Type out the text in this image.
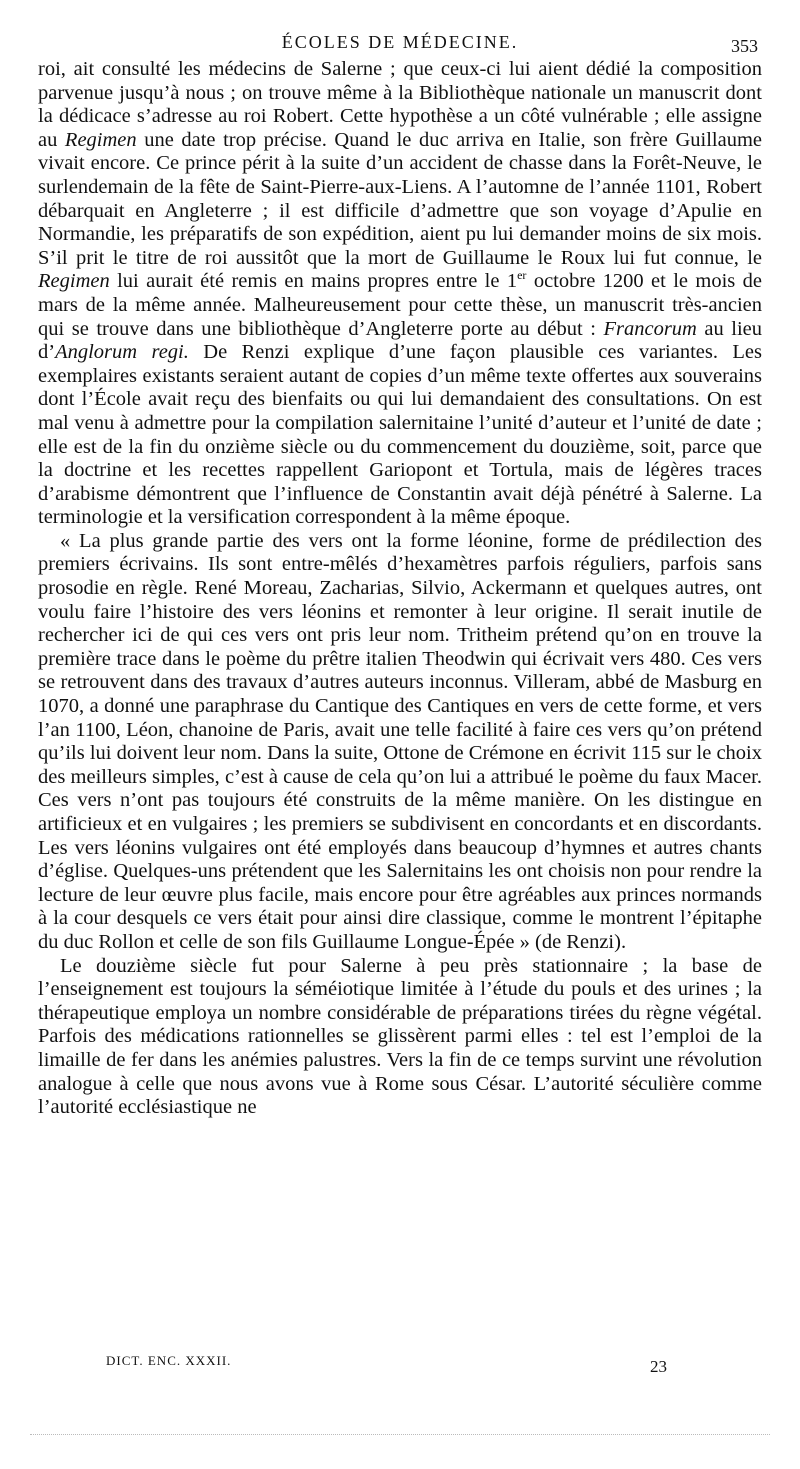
ÉCOLES DE MÉDECINE.	353

roi, ait consulté les médecins de Salerne ; que ceux-ci lui aient dédié la composition parvenue jusqu’à nous ; on trouve même à la Bibliothèque nationale un manuscrit dont la dédicace s’adresse au roi Robert. Cette hypothèse a un côté vulnérable ; elle assigne au Regimen une date trop précise. Quand le duc arriva en Italie, son frère Guillaume vivait encore. Ce prince périt à la suite d’un accident de chasse dans la Forêt-Neuve, le surlendemain de la fête de Saint-Pierre-aux-Liens. A l’automne de l’année 1101, Robert débarquait en Angleterre ; il est difficile d’admettre que son voyage d’Apulie en Normandie, les préparatifs de son expédition, aient pu lui demander moins de six mois. S’il prit le titre de roi aussitôt que la mort de Guillaume le Roux lui fut connue, le Regimen lui aurait été remis en mains propres entre le 1er octobre 1200 et le mois de mars de la même année. Malheureusement pour cette thèse, un manuscrit très-ancien qui se trouve dans une bibliothèque d’Angleterre porte au début : Francorum au lieu d’Anglorum regi. De Renzi explique d’une façon plausible ces variantes. Les exemplaires existants seraient autant de copies d’un même texte offertes aux souverains dont l’École avait reçu des bienfaits ou qui lui demandaient des consultations. On est mal venu à admettre pour la compilation salernitaine l’unité d’auteur et l’unité de date ; elle est de la fin du onzième siècle ou du commencement du douzième, soit, parce que la doctrine et les recettes rappellent Gariopont et Tortula, mais de légères traces d’arabisme démontrent que l’influence de Constantin avait déjà pénétré à Salerne. La terminologie et la versification correspondent à la même époque.

« La plus grande partie des vers ont la forme léonine, forme de prédilection des premiers écrivains. Ils sont entre-mêlés d’hexamètres parfois réguliers, parfois sans prosodie en règle. René Moreau, Zacharias, Silvio, Ackermann et quelques autres, ont voulu faire l’histoire des vers léonins et remonter à leur origine. Il serait inutile de rechercher ici de qui ces vers ont pris leur nom. Tritheim prétend qu’on en trouve la première trace dans le poème du prêtre italien Theodwin qui écrivait vers 480. Ces vers se retrouvent dans des travaux d’autres auteurs inconnus. Villeram, abbé de Masburg en 1070, a donné une paraphrase du Cantique des Cantiques en vers de cette forme, et vers l’an 1100, Léon, chanoine de Paris, avait une telle facilité à faire ces vers qu’on prétend qu’ils lui doivent leur nom. Dans la suite, Ottone de Crémone en écrivit 115 sur le choix des meilleurs simples, c’est à cause de cela qu’on lui a attribué le poème du faux Macer. Ces vers n’ont pas toujours été construits de la même manière. On les distingue en artificieux et en vulgaires ; les premiers se subdivisent en concordants et en discordants. Les vers léonins vulgaires ont été employés dans beaucoup d’hymnes et autres chants d’église. Quelques-uns prétendent que les Salernitains les ont choisis non pour rendre la lecture de leur œuvre plus facile, mais encore pour être agréables aux princes normands à la cour desquels ce vers était pour ainsi dire classique, comme le montrent l’épitaphe du duc Rollon et celle de son fils Guillaume Longue-Épée » (de Renzi).

Le douzième siècle fut pour Salerne à peu près stationnaire ; la base de l’enseignement est toujours la séméiotique limitée à l’étude du pouls et des urines ; la thérapeutique employa un nombre considérable de préparations tirées du règne végétal. Parfois des médications rationnelles se glissèrent parmi elles : tel est l’emploi de la limaille de fer dans les anémies palustres. Vers la fin de ce temps survint une révolution analogue à celle que nous avons vue à Rome sous César. L’autorité séculière comme l’autorité ecclésiastique ne

DICT. ENC. XXXII.	23
